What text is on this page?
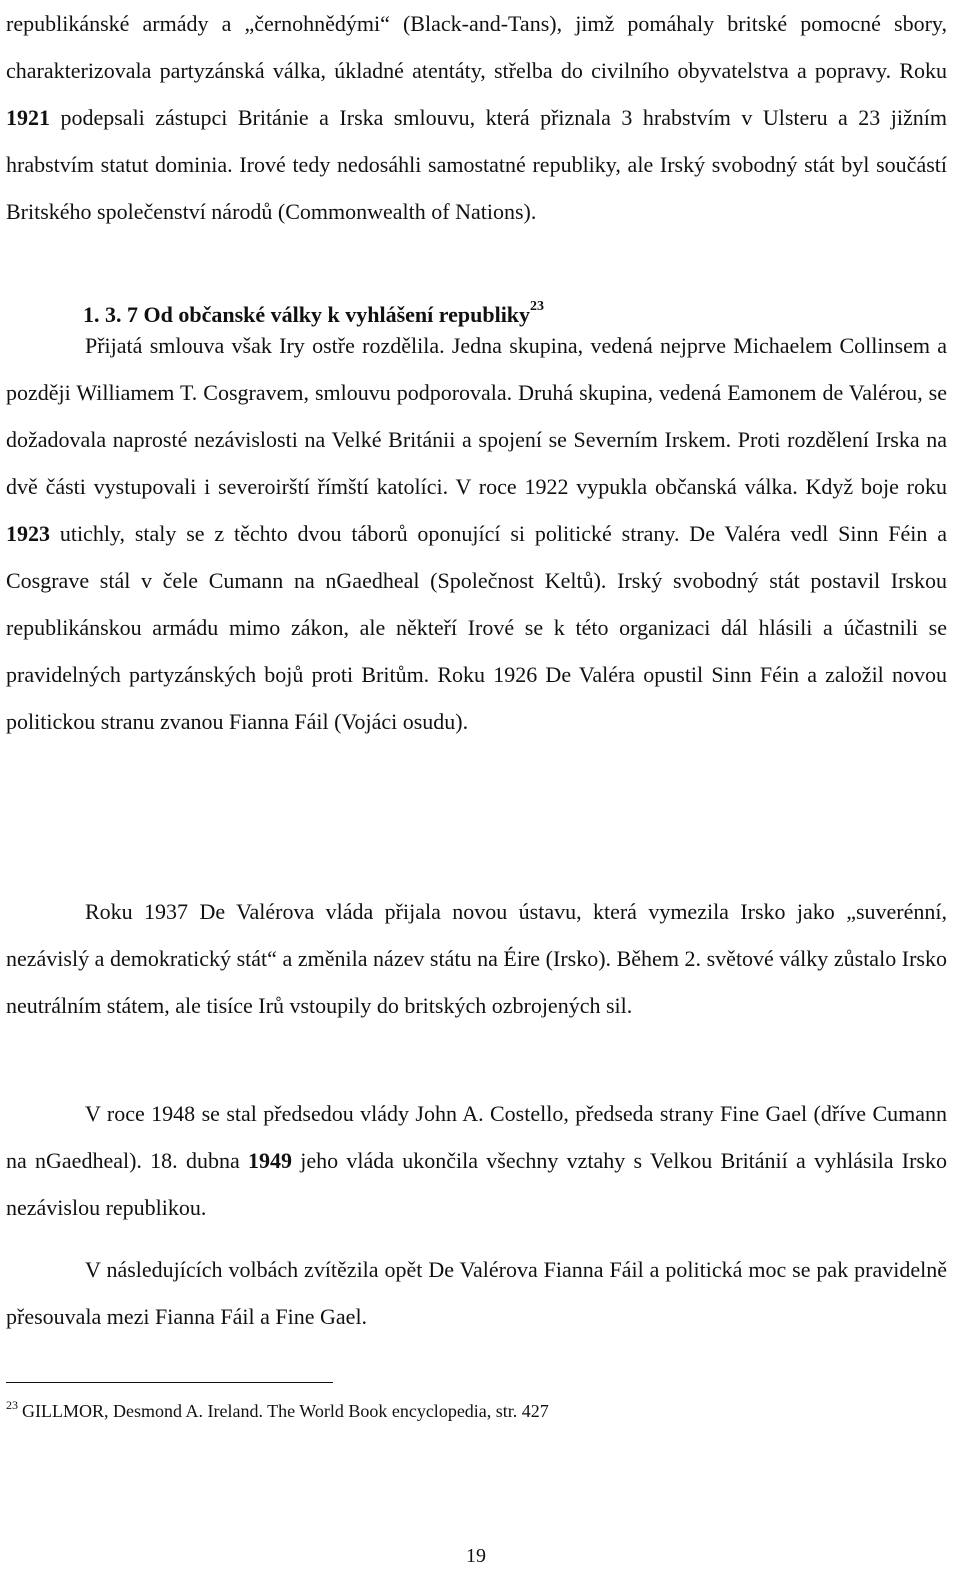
republikánské armády a „černohnědými“ (Black-and-Tans), jimž pomáhaly britské pomocné sbory, charakterizovala partyzánská válka, úkladné atentáty, střelba do civilního obyvatelstva a popravy. Roku 1921 podepsali zástupci Británie a Irska smlouvu, která přiznala 3 hrabstvím v Ulsteru a 23 jižním hrabstvím statut dominia. Irové tedy nedosáhli samostatné republiky, ale Irský svobodný stát byl součástí Britského společenství národů (Commonwealth of Nations).

1. 3. 7 Od občanské války k vyhlášení republiky$^{23}$

Přijatá smlouva však Iry ostře rozdělila. Jedna skupina, vedená nejprve Michaelem Collinsem a později Williamem T. Cosgravem, smlouvu podporovala. Druhá skupina, vedená Eamonem de Valérou, se dožadovala naprosté nezávislosti na Velké Británii a spojení se Severním Irskem. Proti rozdělení Irska na dvě části vystupovali i severoirští římští katolíci. V roce 1922 vypukla občanská válka. Když boje roku 1923 utichly, staly se z těchto dvou táborů oponující si politické strany. De Valéra vedl Sinn Féin a Cosgrave stál v čele Cumann na nGaedheal (Společnost Keltů). Irský svobodný stát postavil Irskou republikánskou armádu mimo zákon, ale někteří Irové se k této organizaci dál hlásili a účastnili se pravidelných partyzánských bojů proti Britům. Roku 1926 De Valéra opustil Sinn Féin a založil novou politickou stranu zvanou Fianna Fáil (Vojáci osudu).

Roku 1937 De Valérova vláda přijala novou ústavu, která vymezila Irsko jako „suverénní, nezávislý a demokratický stát“ a změnila název státu na Éire (Irsko). Během 2. světové války zůstalo Irsko neutrálním státem, ale tisíce Irů vstoupily do britských ozbrojených sil.

V roce 1948 se stal předsedou vlády John A. Costello, předseda strany Fine Gael (dříve Cumann na nGaedheal). 18. dubna 1949 jeho vláda ukončila všechny vztahy s Velkou Británií a vyhlásila Irsko nezávislou republikou.

V následujících volbách zvítězila opět De Valérova Fianna Fáil a politická moc se pak pravidelně přesouvala mezi Fianna Fáil a Fine Gael.

$^{23}$ GILLMOR, Desmond A. Ireland. The World Book encyclopedia, str. 427

19
